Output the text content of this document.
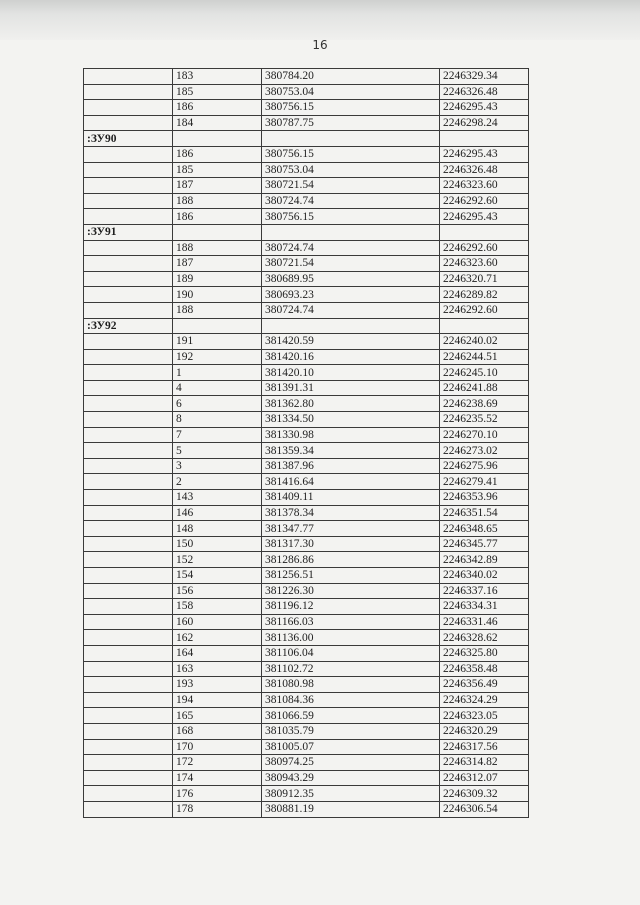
16
	183	380784.20	2246329.34
	185	380753.04	2246326.48
	186	380756.15	2246295.43
	184	380787.75	2246298.24
:ЗУ90			
	186	380756.15	2246295.43
	185	380753.04	2246326.48
	187	380721.54	2246323.60
	188	380724.74	2246292.60
	186	380756.15	2246295.43
:ЗУ91			
	188	380724.74	2246292.60
	187	380721.54	2246323.60
	189	380689.95	2246320.71
	190	380693.23	2246289.82
	188	380724.74	2246292.60
:ЗУ92			
	191	381420.59	2246240.02
	192	381420.16	2246244.51
	1	381420.10	2246245.10
	4	381391.31	2246241.88
	6	381362.80	2246238.69
	8	381334.50	2246235.52
	7	381330.98	2246270.10
	5	381359.34	2246273.02
	3	381387.96	2246275.96
	2	381416.64	2246279.41
	143	381409.11	2246353.96
	146	381378.34	2246351.54
	148	381347.77	2246348.65
	150	381317.30	2246345.77
	152	381286.86	2246342.89
	154	381256.51	2246340.02
	156	381226.30	2246337.16
	158	381196.12	2246334.31
	160	381166.03	2246331.46
	162	381136.00	2246328.62
	164	381106.04	2246325.80
	163	381102.72	2246358.48
	193	381080.98	2246356.49
	194	381084.36	2246324.29
	165	381066.59	2246323.05
	168	381035.79	2246320.29
	170	381005.07	2246317.56
	172	380974.25	2246314.82
	174	380943.29	2246312.07
	176	380912.35	2246309.32
	178	380881.19	2246306.54
